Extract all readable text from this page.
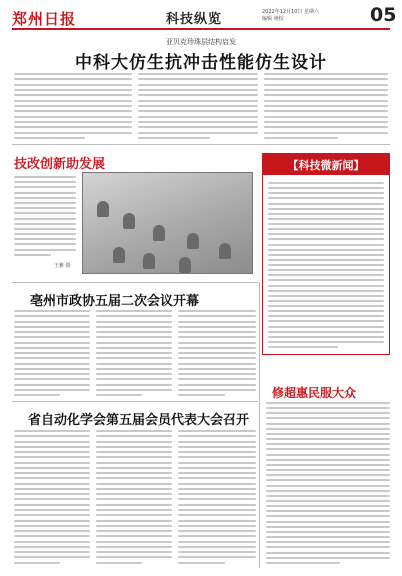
郑州日报	科技纵览	2022年12月10日 星期六
编辑 统校	05
亚贝克珍珠层结构启发
中科大仿生抗冲击性能仿生设计
技改创新助发展
王雅 摄
【科技微新闻】
亳州市政协五届二次会议开幕
省自动化学会第五届会员代表大会召开
修超惠民服大众
